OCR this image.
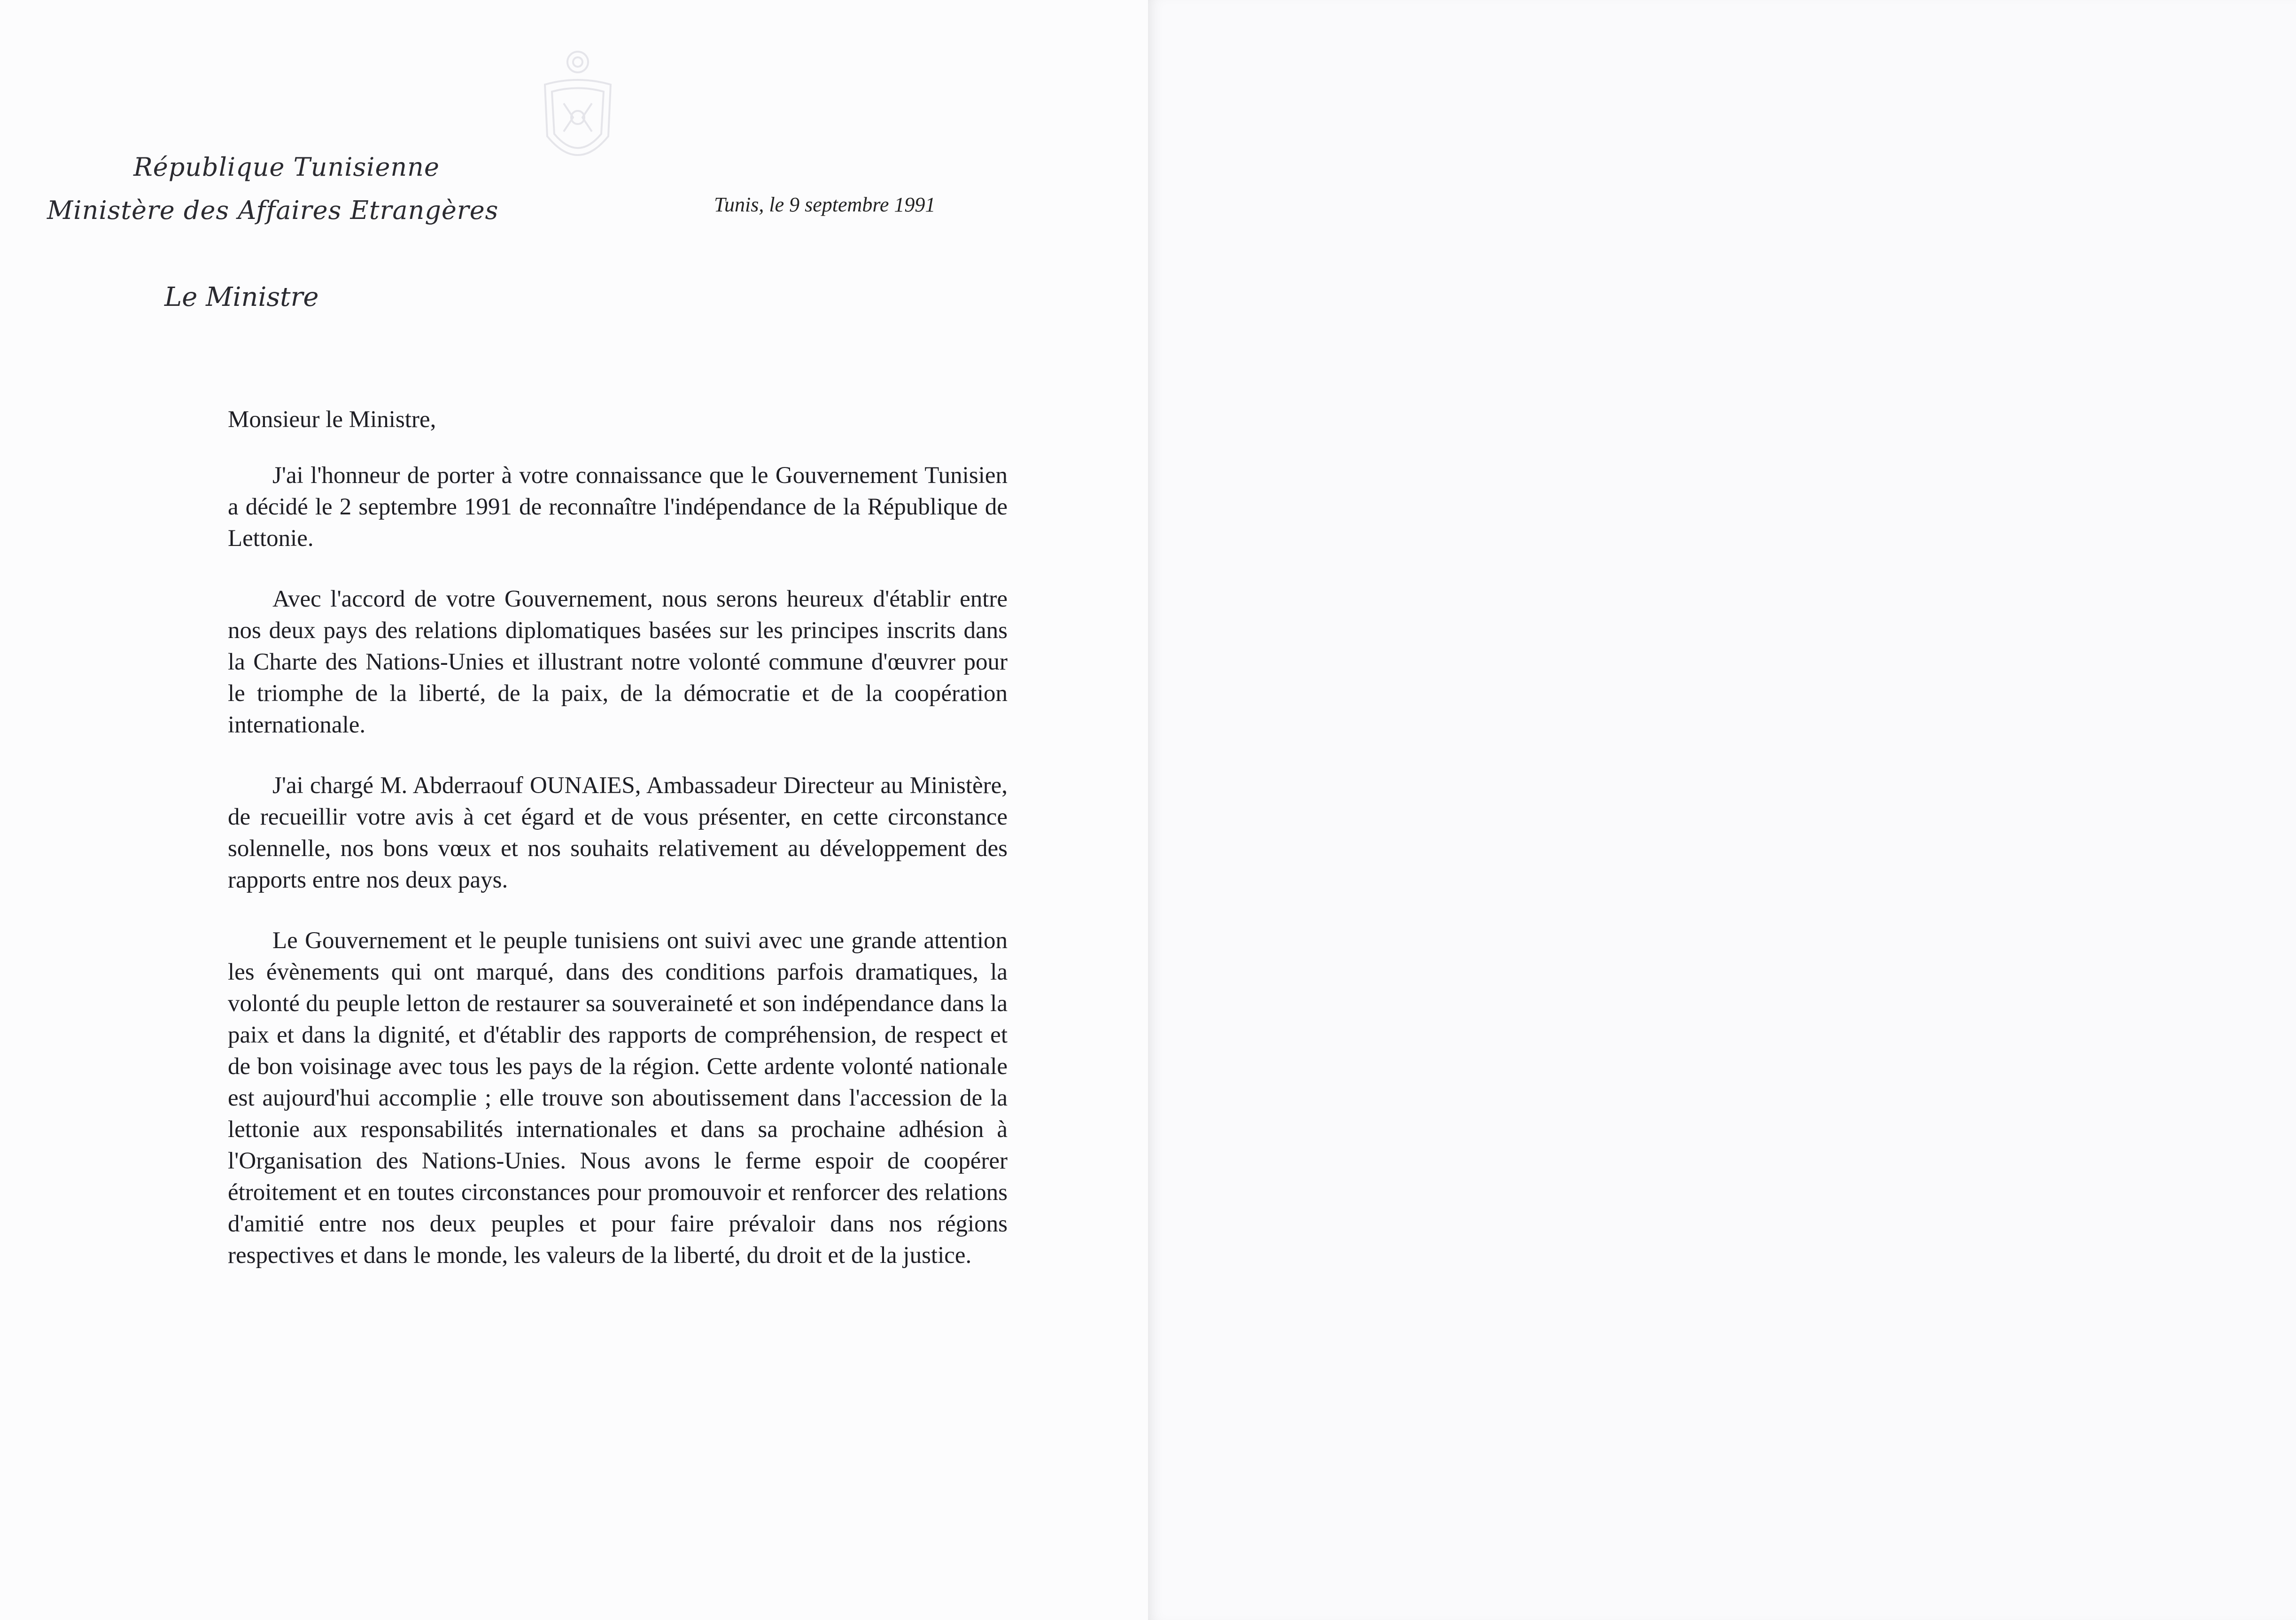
République Tunisienne
Ministère des Affaires Etrangères
Le Ministre
Tunis, le 9 septembre 1991

Monsieur le Ministre,

J'ai l'honneur de porter à votre connaissance que le Gouvernement Tunisien a décidé le 2 septembre 1991 de reconnaître l'indépendance de la République de Lettonie.

Avec l'accord de votre Gouvernement, nous serons heureux d'établir entre nos deux pays des relations diplomatiques basées sur les principes inscrits dans la Charte des Nations-Unies et illustrant notre volonté commune d'œuvrer pour le triomphe de la liberté, de la paix, de la démocratie et de la coopération internationale.

J'ai chargé M. Abderraouf OUNAIES, Ambassadeur Directeur au Ministère, de recueillir votre avis à cet égard et de vous présenter, en cette circonstance solennelle, nos bons vœux et nos souhaits relativement au développement des rapports entre nos deux pays.

Le Gouvernement et le peuple tunisiens ont suivi avec une grande attention les évènements qui ont marqué, dans des conditions parfois dramatiques, la volonté du peuple letton de restaurer sa souveraineté et son indépendance dans la paix et dans la dignité, et d'établir des rapports de compréhension, de respect et de bon voisinage avec tous les pays de la région. Cette ardente volonté nationale est aujourd'hui accomplie ; elle trouve son aboutissement dans l'accession de la lettonie aux responsabilités internationales et dans sa prochaine adhésion à l'Organisation des Nations-Unies. Nous avons le ferme espoir de coopérer étroitement et en toutes circonstances pour promouvoir et renforcer des relations d'amitié entre nos deux peuples et pour faire prévaloir dans nos régions respectives et dans le monde, les valeurs de la liberté, du droit et de la justice.
